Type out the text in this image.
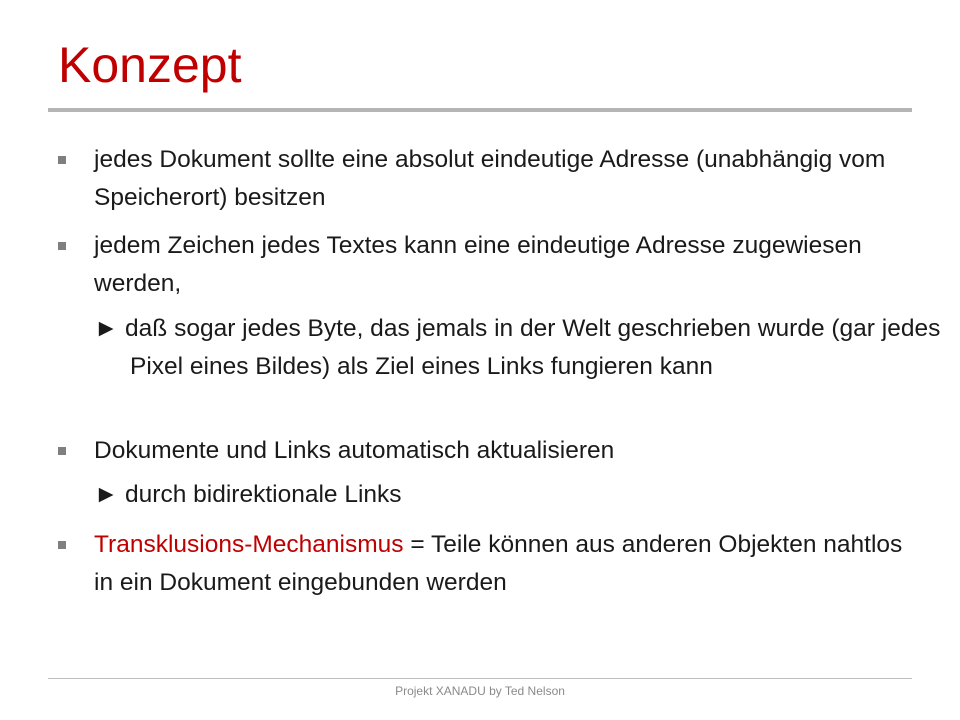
Konzept
jedes Dokument sollte eine absolut eindeutige Adresse (unabhängig vom Speicherort) besitzen
jedem Zeichen jedes Textes kann eine eindeutige Adresse zugewiesen werden,
► daß sogar jedes Byte, das jemals in der Welt geschrieben wurde (gar jedes Pixel eines Bildes) als Ziel eines Links fungieren kann
Dokumente und Links automatisch aktualisieren
► durch bidirektionale Links
Transklusions-Mechanismus = Teile können aus anderen Objekten nahtlos in ein Dokument eingebunden werden
Projekt XANADU by Ted Nelson
